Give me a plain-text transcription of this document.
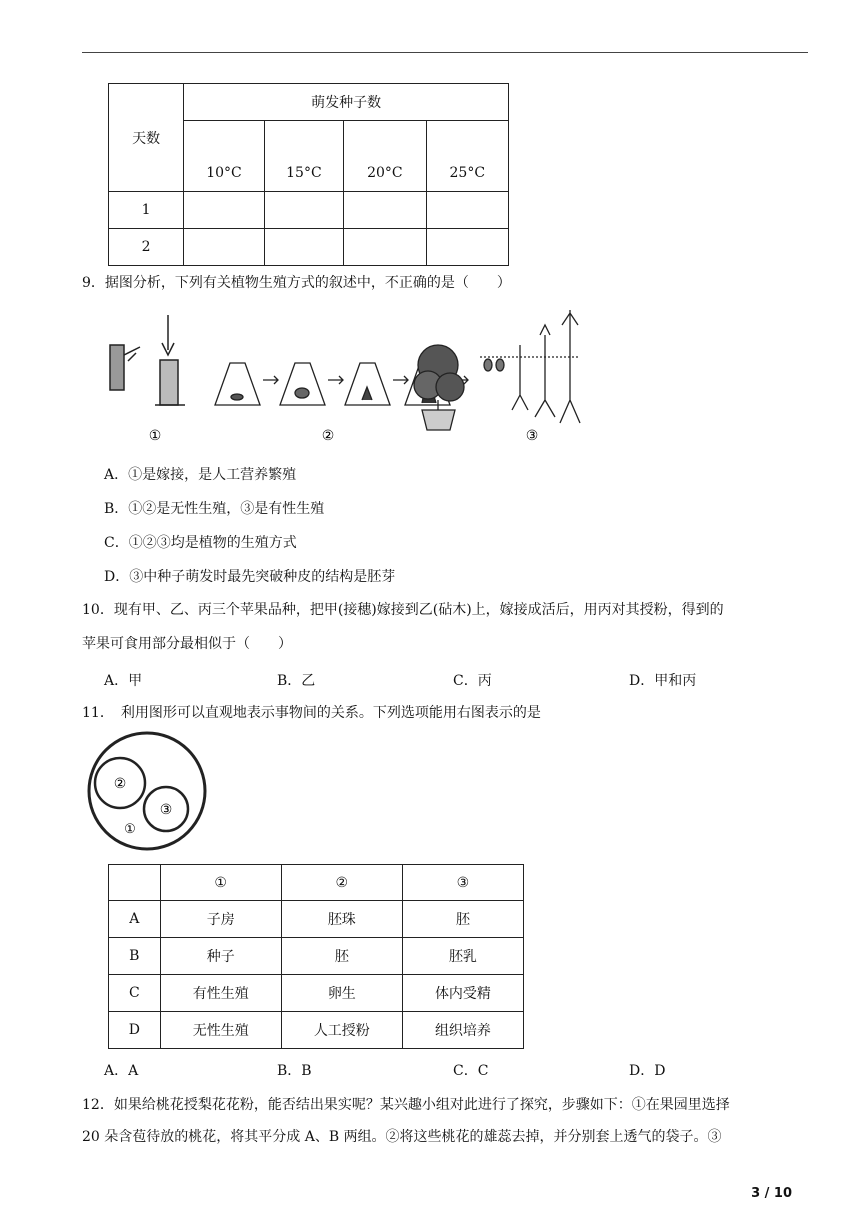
天数	萌发种子数			
	10°C	15°C	20°C	25°C
1				
2				
9．据图分析，下列有关植物生殖方式的叙述中，不正确的是（　　）
①	②	③
A．①是嫁接，是人工营养繁殖
B．①②是无性生殖，③是有性生殖
C．①②③均是植物的生殖方式
D．③中种子萌发时最先突破种皮的结构是胚芽
10．现有甲、乙、丙三个苹果品种，把甲(接穗)嫁接到乙(砧木)上，嫁接成活后，用丙对其授粉，得到的
苹果可食用部分最相似于（　　）
A．甲	B．乙	C．丙	D．甲和丙
11．　利用图形可以直观地表示事物间的关系。下列选项能用右图表示的是
②
③
①
	①	②	③
A	子房	胚珠	胚
B	种子	胚	胚乳
C	有性生殖	卵生	体内受精
D	无性生殖	人工授粉	组织培养
A．A	B．B	C．C	D．D
12．如果给桃花授梨花花粉，能否结出果实呢？某兴趣小组对此进行了探究，步骤如下：①在果园里选择
20 朵含苞待放的桃花，将其平分成 A、B 两组。②将这些桃花的雄蕊去掉，并分别套上透气的袋子。③
3 / 10
